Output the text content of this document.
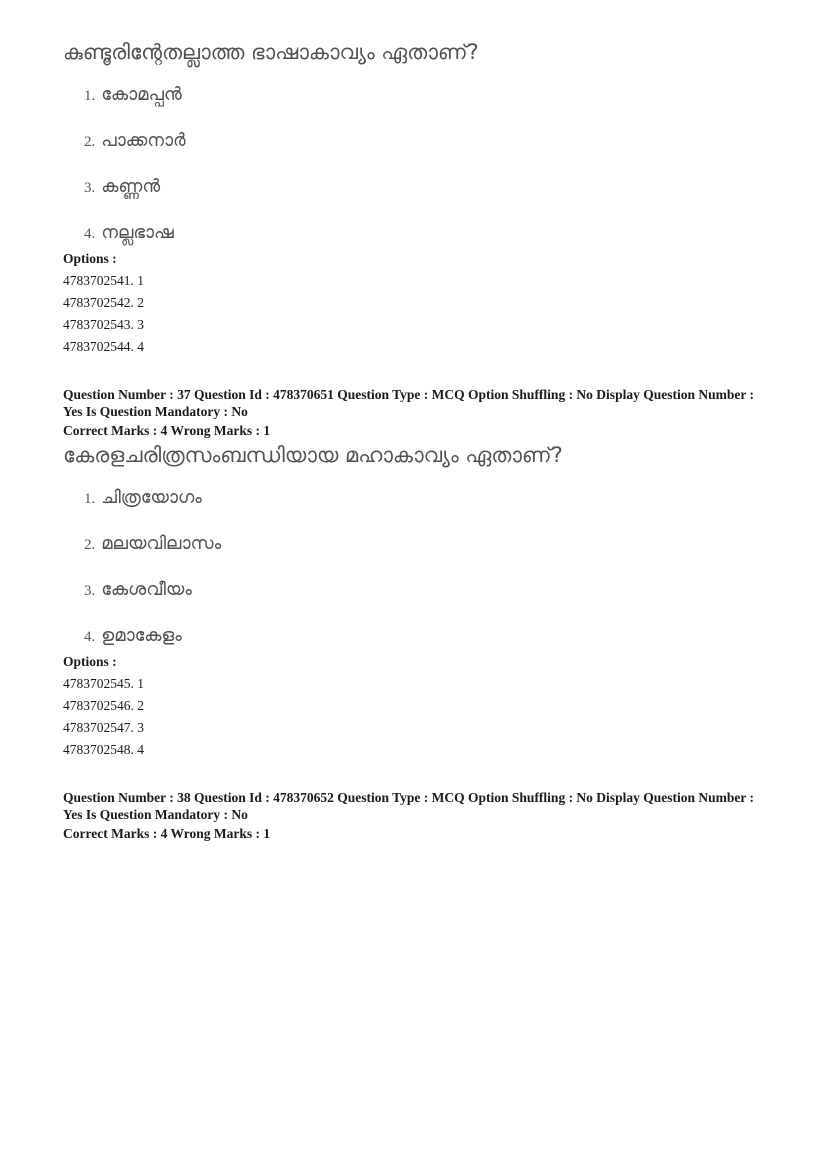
കുണ്ടൂരിന്റേതല്ലാത്ത ഭാഷാകാവ്യം ഏതാണ്?
1. കോമപ്പൻ
2. പാക്കനാർ
3. കണ്ണൻ
4. നല്ലഭാഷ
Options :
4783702541. 1
4783702542. 2
4783702543. 3
4783702544. 4
Question Number : 37 Question Id : 478370651 Question Type : MCQ Option Shuffling : No Display Question Number : Yes Is Question Mandatory : No
Correct Marks : 4 Wrong Marks : 1
കേരളചരിത്രസംബന്ധിയായ മഹാകാവ്യം ഏതാണ്?
1. ചിത്രയോഗം
2. മലയവിലാസം
3. കേശവീയം
4. ഉമാകേളം
Options :
4783702545. 1
4783702546. 2
4783702547. 3
4783702548. 4
Question Number : 38 Question Id : 478370652 Question Type : MCQ Option Shuffling : No Display Question Number : Yes Is Question Mandatory : No
Correct Marks : 4 Wrong Marks : 1
